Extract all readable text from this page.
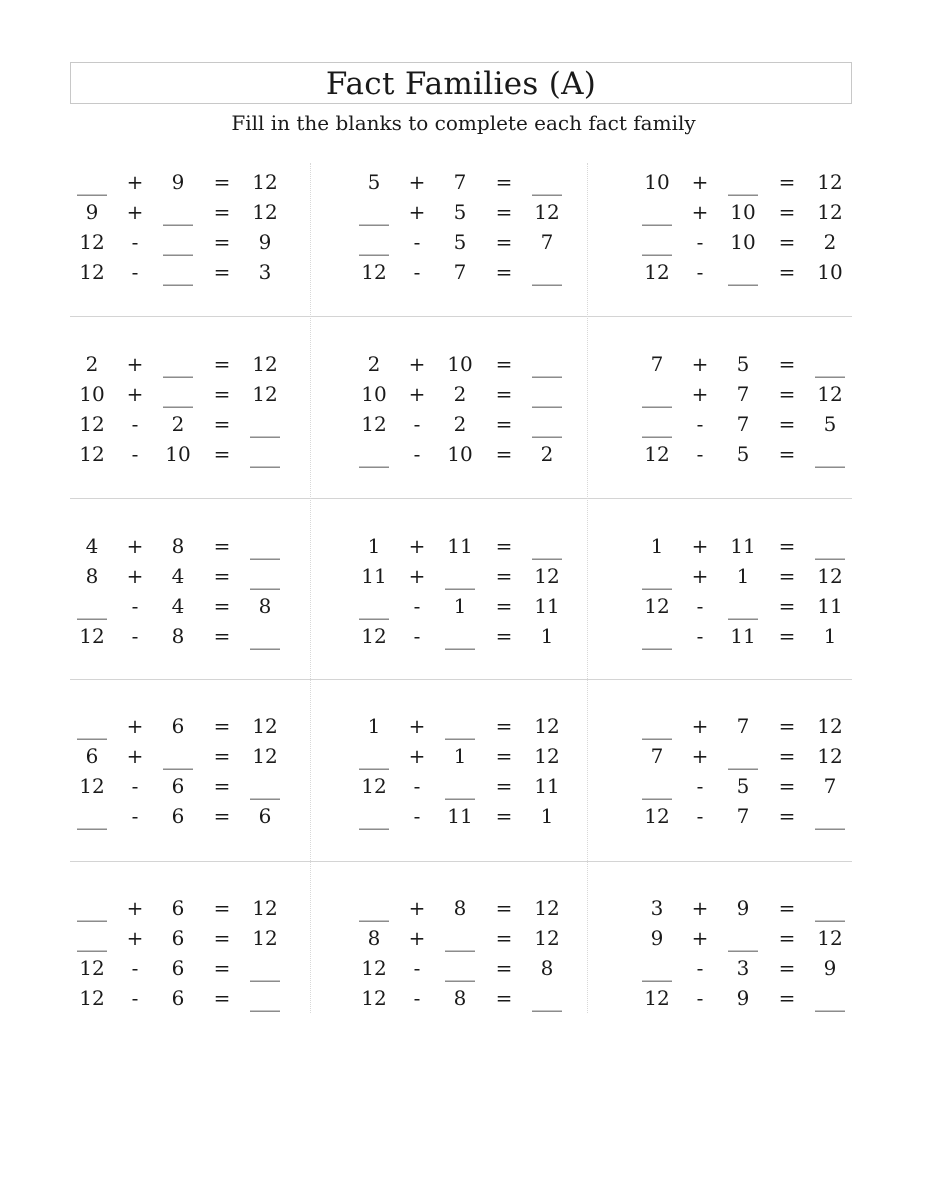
Fact Families (A)
Fill in the blanks to complete each fact family
___ +	9	=	12
9	+ ___	=	12
12	-	___	=	9
12	-	___	=	3
5	+	7	= ___
___ +	5	=	12
___	-	5	=	7
12	-	7	= ___
10	+ ___	=	12
___ +	10	=	12
___	-	10	=	2
12	-	___	=	10
2	+ ___	=	12
10	+ ___	=	12
12	-	2	= ___
12	-	10	= ___
2	+	10	= ___
10	+	2	= ___
12	-	2	= ___
___	-	10	=	2
7	+	5	= ___
___ +	7	=	12
___	-	7	=	5
12	-	5	= ___
4	+	8	= ___
8	+	4	= ___
___	-	4	=	8
12	-	8	= ___
1	+	11	= ___
11	+ ___	=	12
___	-	1	=	11
12	-	___	=	1
1	+	11	= ___
___ +	1	=	12
12	-	___	=	11
___	-	11	=	1
___ +	6	=	12
6	+ ___	=	12
12	-	6	= ___
___	-	6	=	6
1	+ ___	=	12
___ +	1	=	12
12	-	___	=	11
___	-	11	=	1
___ +	7	=	12
7	+ ___	=	12
___	-	5	=	7
12	-	7	= ___
___ +	6	=	12
___ +	6	=	12
12	-	6	= ___
12	-	6	= ___
___ +	8	=	12
8	+ ___	=	12
12	-	___	=	8
12	-	8	= ___
3	+	9	= ___
9	+ ___	=	12
___	-	3	=	9
12	-	9	= ___
